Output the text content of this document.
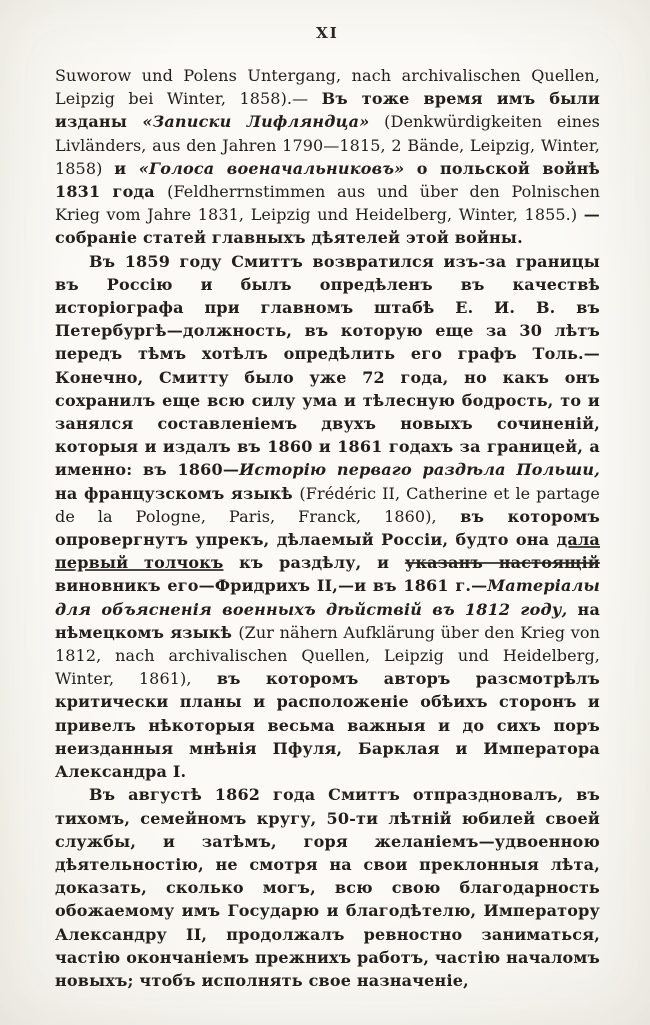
XI

Suworow und Polens Untergang, nach archivalischen Quellen, Leipzig bei Winter, 1858).— Въ тоже время имъ были изданы «Записки Лифляндца» (Denkwürdigkeiten eines Livländers, aus den Jahren 1790—1815, 2 Bände, Leipzig, Winter, 1858) и «Голоса военачальниковъ» о польской войнѣ 1831 года (Feldherrnstimmen aus und über den Polnischen Krieg vom Jahre 1831, Leipzig und Heidelberg, Winter, 1855.) — собраніе статей главныхъ дѣятелей этой войны.

Въ 1859 году Смиттъ возвратился изъ-за границы въ Россію и былъ опредѣленъ въ качествѣ исторіографа при главномъ штабѣ Е. И. В. въ Петербургѣ—должность, въ которую еще за 30 лѣтъ передъ тѣмъ хотѣлъ опредѣлить его графъ Толь.—Конечно, Смитту было уже 72 года, но какъ онъ сохранилъ еще всю силу ума и тѣлесную бодрость, то и занялся составленіемъ двухъ новыхъ сочиненій, которыя и издалъ въ 1860 и 1861 годахъ за границей, а именно: въ 1860—Исторію перваго раздѣла Польши, на французскомъ языкѣ (Frédéric II, Catherine et le partage de la Pologne, Paris, Franck, 1860), въ которомъ опровергнутъ упрекъ, дѣлаемый Россіи, будто она дала первый толчокъ къ раздѣлу, и указанъ настоящій виновникъ его—Фридрихъ II,—и въ 1861 г.—Матеріалы для объясненія военныхъ дѣйствій въ 1812 году, на нѣмецкомъ языкѣ (Zur nähern Aufklärung über den Krieg von 1812, nach archivalischen Quellen, Leipzig und Heidelberg, Winter, 1861), въ которомъ авторъ разсмотрѣлъ критически планы и расположеніе обѣихъ сторонъ и привелъ нѣкоторыя весьма важныя и до сихъ поръ неизданныя мнѣнія Пфуля, Барклая и Императора Александра I.

Въ августѣ 1862 года Смиттъ отпраздновалъ, въ тихомъ, семейномъ кругу, 50-ти лѣтній юбилей своей службы, и затѣмъ, горя желаніемъ—удвоенною дѣятельностію, не смотря на свои преклонныя лѣта, доказать, сколько могъ, всю свою благодарность обожаемому имъ Государю и благодѣтелю, Императору Александру II, продолжалъ ревностно заниматься, частію окончаніемъ прежнихъ работъ, частію началомъ новыхъ; чтобъ исполнять свое назначеніе,
